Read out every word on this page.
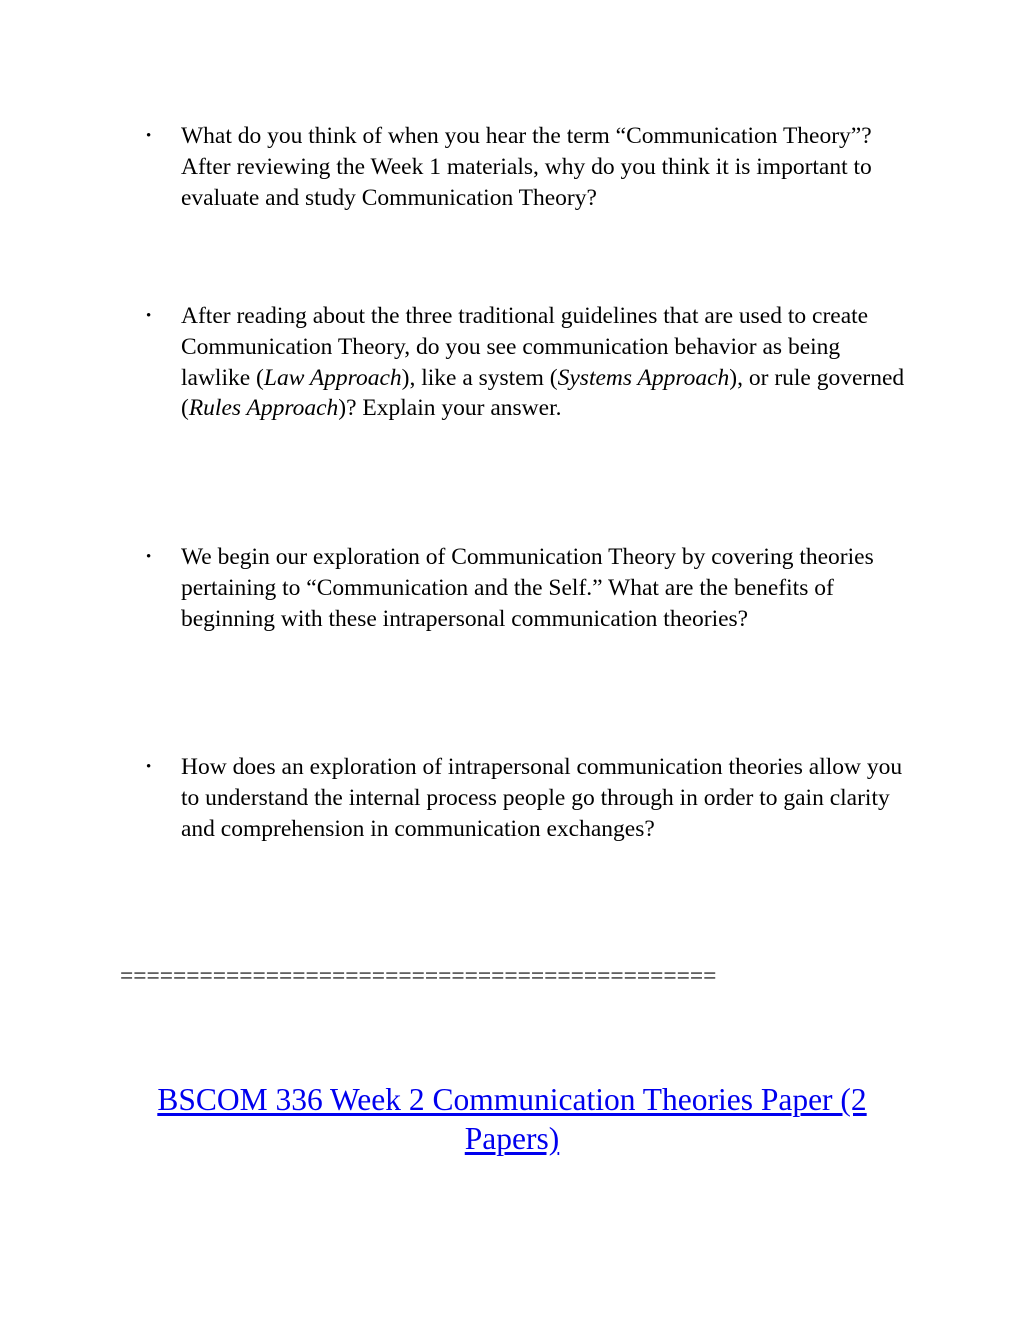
• What do you think of when you hear the term “Communication Theory”? After reviewing the Week 1 materials, why do you think it is important to evaluate and study Communication Theory?
• After reading about the three traditional guidelines that are used to create Communication Theory, do you see communication behavior as being lawlike (Law Approach), like a system (Systems Approach), or rule governed (Rules Approach)? Explain your answer.
• We begin our exploration of Communication Theory by covering theories pertaining to “Communication and the Self.” What are the benefits of beginning with these intrapersonal communication theories?
• How does an exploration of intrapersonal communication theories allow you to understand the internal process people go through in order to gain clarity and comprehension in communication exchanges?
=============================================

BSCOM 336 Week 2 Communication Theories Paper (2 Papers)
